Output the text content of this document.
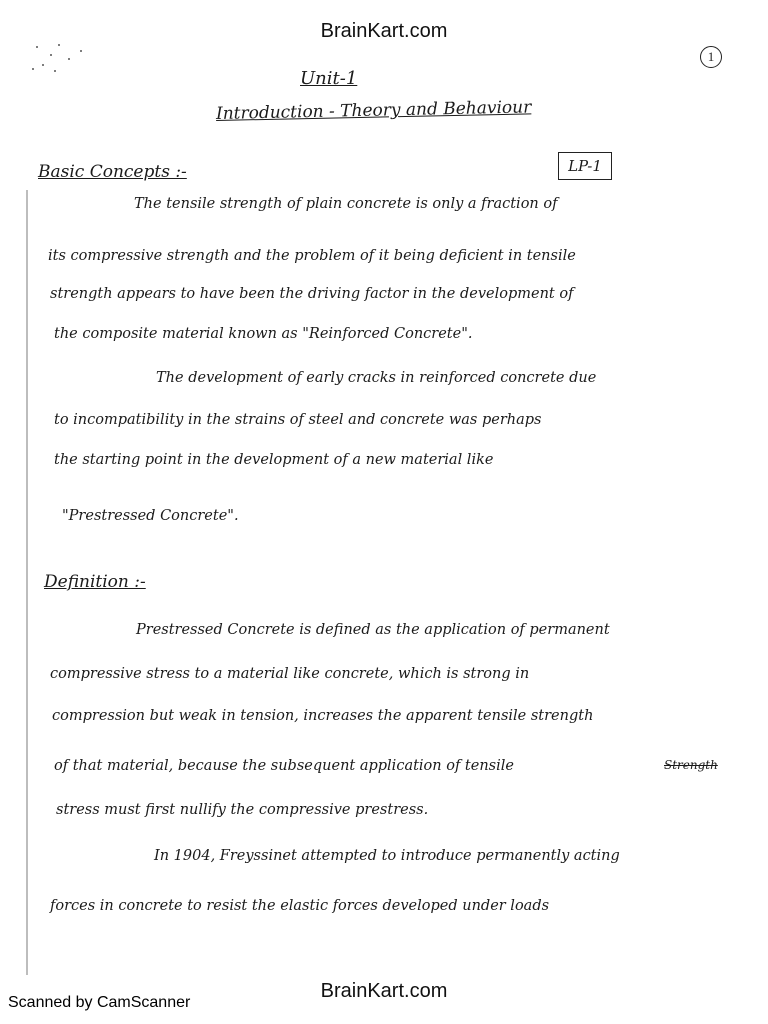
BrainKart.com
1
Unit-1
Introduction - Theory and Behaviour
Basic Concepts :-	LP-1
The tensile strength of plain concrete is only a fraction of
its compressive strength and the problem of it being deficient in tensile
strength appears to have been the driving factor in the development of
the composite material known as "Reinforced Concrete".
The development of early cracks in reinforced concrete due
to incompatibility in the strains of steel and concrete was perhaps
the starting point in the development of a new material like
"Prestressed Concrete".
Definition :-
Prestressed Concrete is defined as the application of permanent
compressive stress to a material like concrete, which is strong in
compression but weak in tension, increases the apparent tensile strength
of that material, because the subsequent application of tensile	Strength
stress must first nullify the compressive prestress.
In 1904, Freyssinet attempted to introduce permanently acting
forces in concrete to resist the elastic forces developed under loads
BrainKart.com
Scanned by CamScanner
